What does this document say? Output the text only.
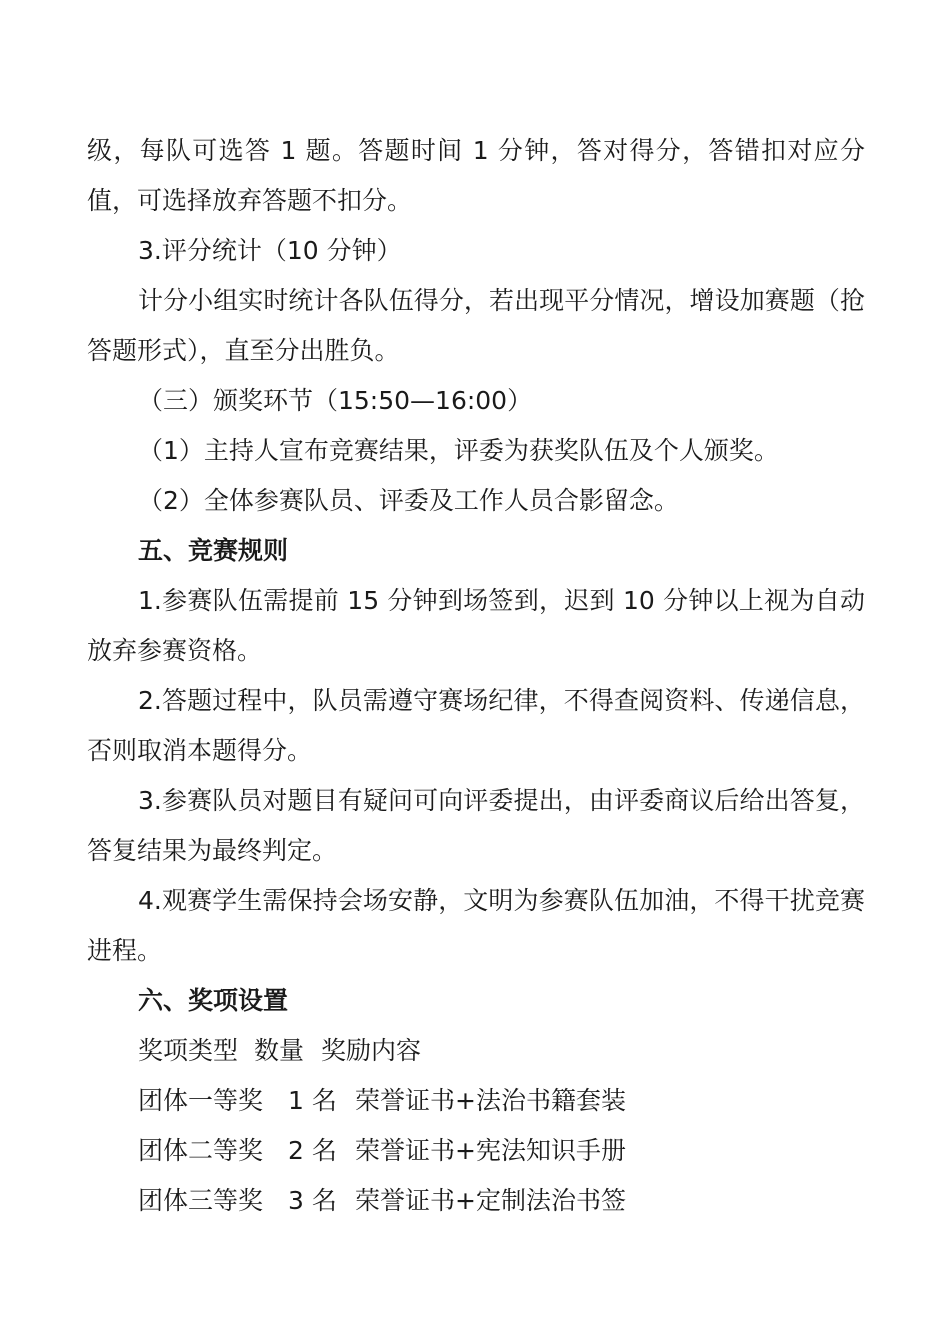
级，每队可选答 1 题。答题时间 1 分钟，答对得分，答错扣对应分值，可选择放弃答题不扣分。

3.评分统计（10 分钟）

计分小组实时统计各队伍得分，若出现平分情况，增设加赛题（抢答题形式），直至分出胜负。

（三）颁奖环节（15:50—16:00）

（1）主持人宣布竞赛结果，评委为获奖队伍及个人颁奖。

（2）全体参赛队员、评委及工作人员合影留念。

五、竞赛规则

1.参赛队伍需提前 15 分钟到场签到，迟到 10 分钟以上视为自动放弃参赛资格。

2.答题过程中，队员需遵守赛场纪律，不得查阅资料、传递信息，否则取消本题得分。

3.参赛队员对题目有疑问可向评委提出，由评委商议后给出答复，答复结果为最终判定。

4.观赛学生需保持会场安静，文明为参赛队伍加油，不得干扰竞赛进程。

六、奖项设置

奖项类型 数量 奖励内容
团体一等奖 1 名 荣誉证书+法治书籍套装
团体二等奖 2 名 荣誉证书+宪法知识手册
团体三等奖 3 名 荣誉证书+定制法治书签
